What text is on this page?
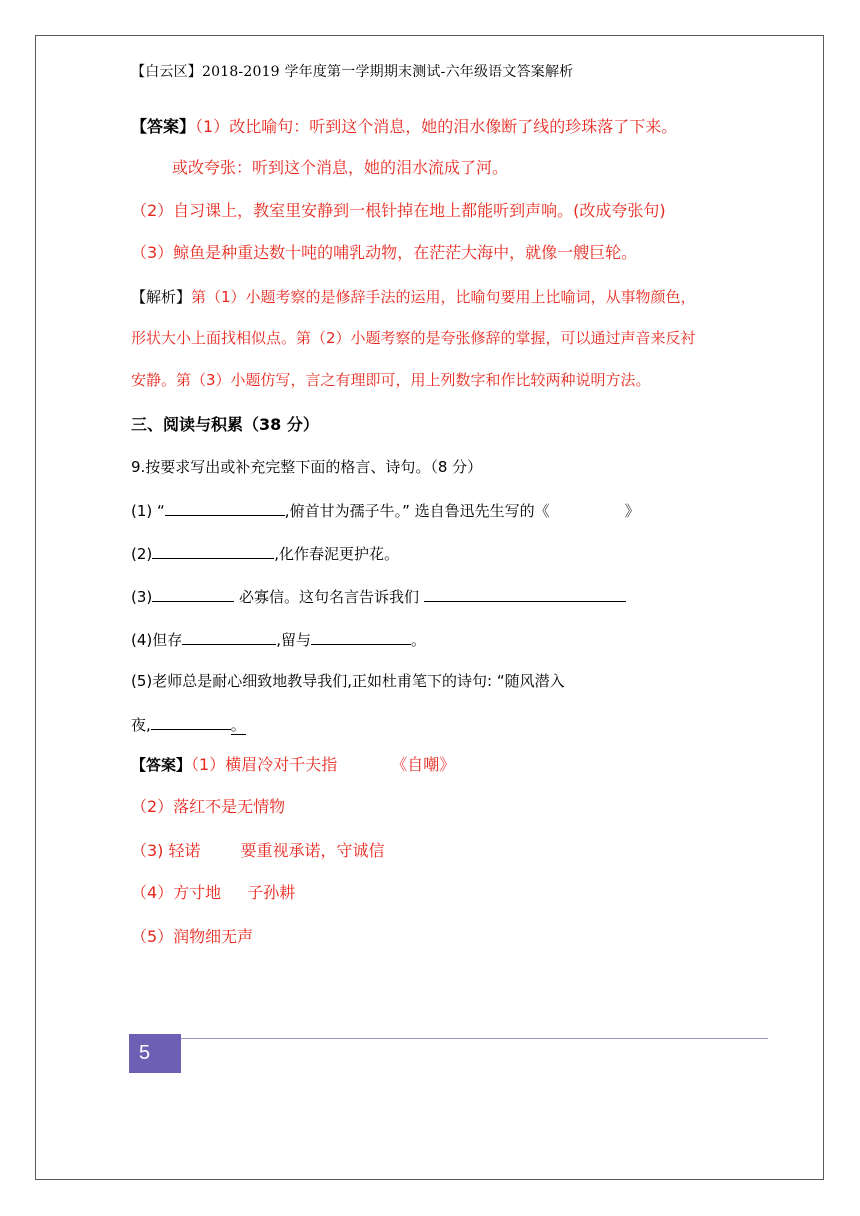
【白云区】2018-2019 学年度第一学期期末测试-六年级语文答案解析
【答案】（1）改比喻句：听到这个消息，她的泪水像断了线的珍珠落了下来。
或改夸张：听到这个消息，她的泪水流成了河。
（2）自习课上，教室里安静到一根针掉在地上都能听到声响。(改成夸张句)
（3）鲸鱼是种重达数十吨的哺乳动物，在茫茫大海中，就像一艘巨轮。
【解析】第（1）小题考察的是修辞手法的运用，比喻句要用上比喻词，从事物颜色，
形状大小上面找相似点。第（2）小题考察的是夸张修辞的掌握，可以通过声音来反衬
安静。第（3）小题仿写，言之有理即可，用上列数字和作比较两种说明方法。
三、阅读与积累（38 分）
9.按要求写出或补充完整下面的格言、诗句。（8 分）
(1) “	,俯首甘为孺子牛。” 选自鲁迅先生写的《	》
(2)	,化作春泥更护花。
(3)	必寡信。这句名言告诉我们
(4)但存	,留与	。
(5)老师总是耐心细致地教导我们,正如杜甫笔下的诗句: “随风潜入
夜,	。
【答案】（1）横眉冷对千夫指	《自嘲》
（2）落红不是无情物
（3) 轻诺	要重视承诺，守诚信
（4）方寸地 子孙耕
（5）润物细无声
5
